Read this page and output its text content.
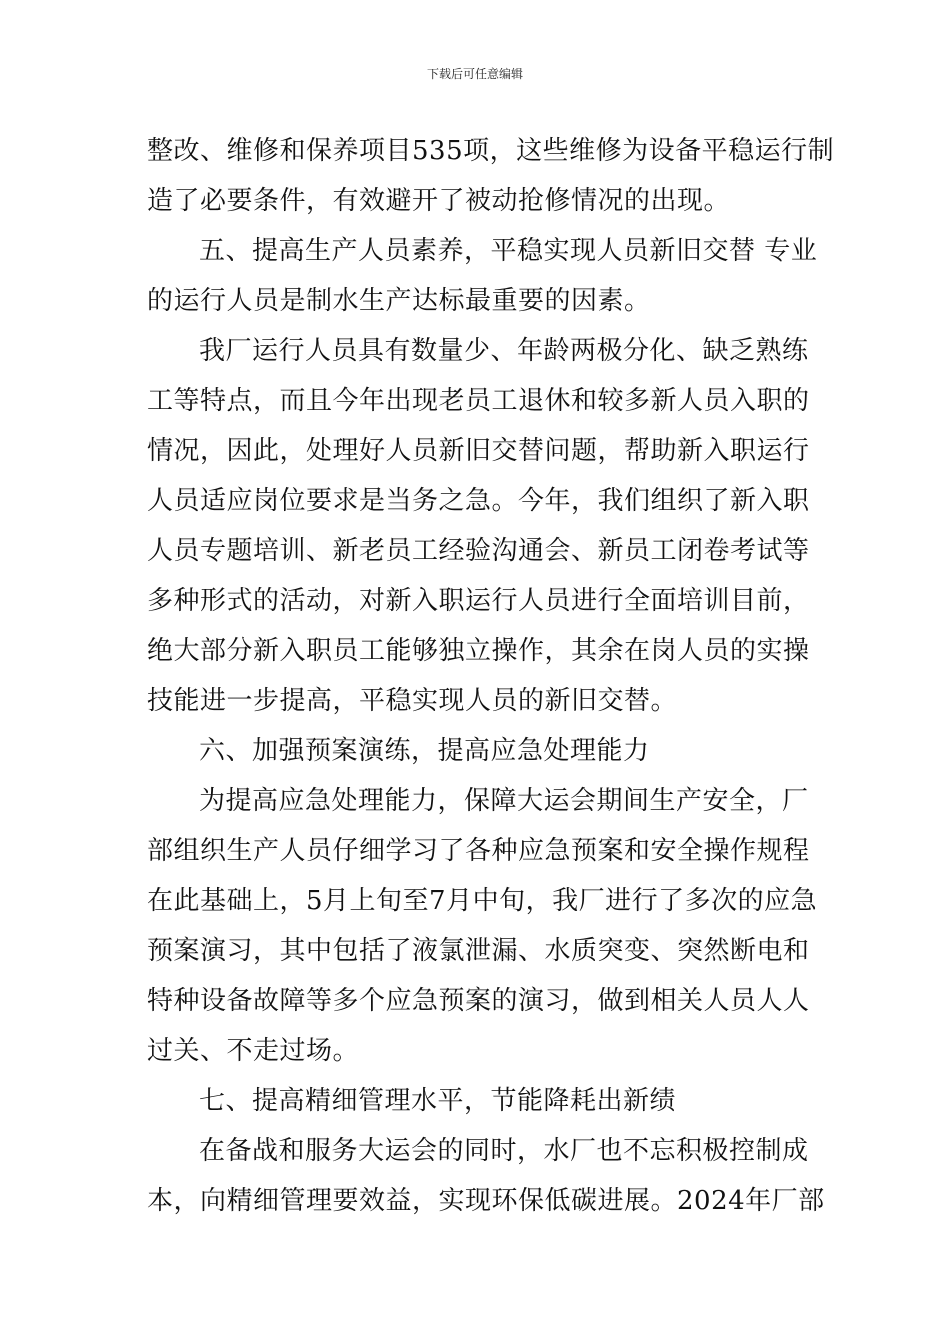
下载后可任意编辑
整改、维修和保养项目535项，这些维修为设备平稳运行制
造了必要条件，有效避开了被动抢修情况的出现。
五、提高生产人员素养，平稳实现人员新旧交替 专业
的运行人员是制水生产达标最重要的因素。
我厂运行人员具有数量少、年龄两极分化、缺乏熟练
工等特点，而且今年出现老员工退休和较多新人员入职的
情况，因此，处理好人员新旧交替问题，帮助新入职运行
人员适应岗位要求是当务之急。今年，我们组织了新入职
人员专题培训、新老员工经验沟通会、新员工闭卷考试等
多种形式的活动，对新入职运行人员进行全面培训目前，
绝大部分新入职员工能够独立操作，其余在岗人员的实操
技能进一步提高，平稳实现人员的新旧交替。
六、加强预案演练，提高应急处理能力
为提高应急处理能力，保障大运会期间生产安全，厂
部组织生产人员仔细学习了各种应急预案和安全操作规程
在此基础上，5月上旬至7月中旬，我厂进行了多次的应急
预案演习，其中包括了液氯泄漏、水质突变、突然断电和
特种设备故障等多个应急预案的演习，做到相关人员人人
过关、不走过场。
七、提高精细管理水平，节能降耗出新绩
在备战和服务大运会的同时，水厂也不忘积极控制成
本，向精细管理要效益，实现环保低碳进展。2024年厂部
